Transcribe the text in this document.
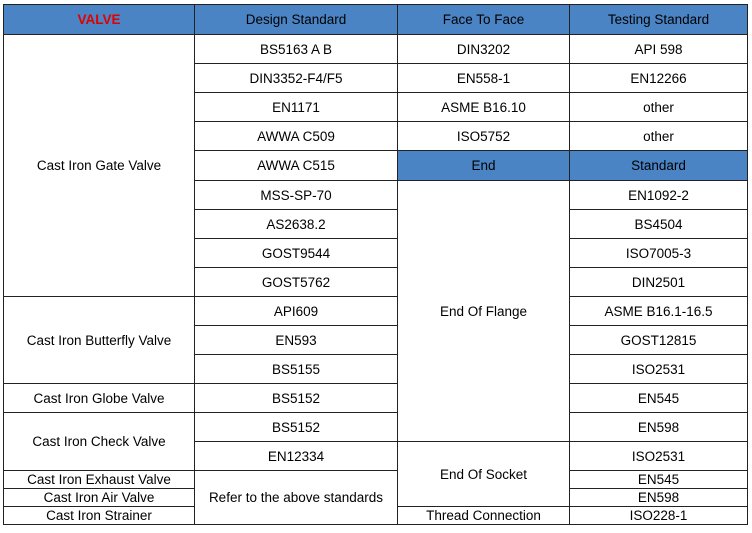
VALVE	Design Standard	Face To Face	Testing Standard
Cast Iron Gate Valve	BS5163 A B	DIN3202	API 598
	DIN3352-F4/F5	EN558-1	EN12266
	EN1171	ASME B16.10	other
	AWWA C509	ISO5752	other
	AWWA C515	End	Standard
	MSS-SP-70	End Of Flange	EN1092-2
	AS2638.2		BS4504
	GOST9544		ISO7005-3
	GOST5762		DIN2501
Cast Iron Butterfly Valve	API609		ASME B16.1-16.5
	EN593		GOST12815
	BS5155		ISO2531
Cast Iron Globe Valve	BS5152		EN545
Cast Iron Check Valve	BS5152		EN598
	EN12334	End Of Socket	ISO2531
Cast Iron Exhaust Valve	Refer to the above standards		EN545
Cast Iron Air Valve			EN598
Cast Iron Strainer		Thread Connection	ISO228-1
